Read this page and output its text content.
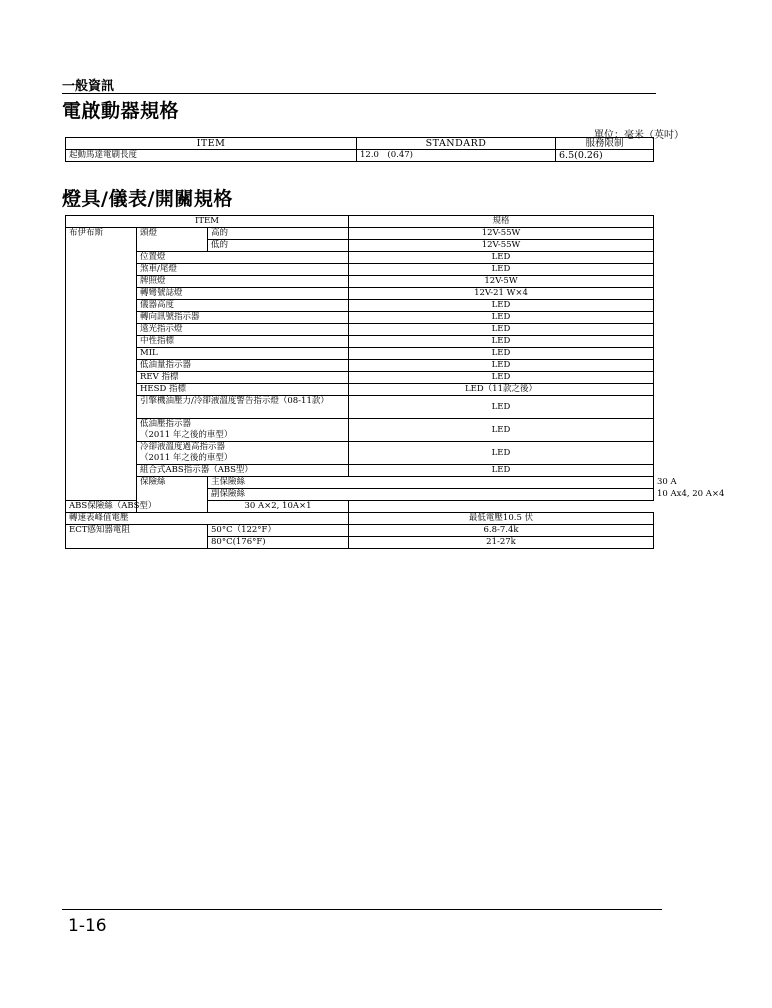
一般資訊
電啟動器規格
單位：毫米（英吋）
ITEM	STANDARD	服務限制
起動馬達電刷長度	12.0　(0.47)	6.5(0.26)
燈具/儀表/開關規格
ITEM			規格	
布伊布斯	頭燈	高的	12V-55W	
		低的	12V-55W	
	位置燈		LED	
	煞車/尾燈		LED	
	牌照燈		12V-5W	
	轉彎號誌燈		12V-21 W×4	
	儀器高度		LED	
	轉向訊號指示器		LED	
	遠光指示燈		LED	
	中性指標		LED	
	MIL		LED	
	低油量指示器		LED	
	REV 指標		LED	
	HESD 指標		LED（11款之後）	

	引擎機油壓力/冷卻液溫度警告指示燈（08-11款）		LED	

	低油壓指示器
（2011 年之後的車型）		LED	

	冷卻液溫度過高指示器
（2011 年之後的車型）		LED	
	組合式ABS指示器（ABS型）		LED	
	保險絲	主保險絲		30 A
		副保險絲		10 Ax4, 20 A×4
ABS保險絲（ABS型）		30 A×2, 10A×1		
轉速表峰值電壓			最低電壓10.5 伏	
ECT感知器電阻		50°C（122°F）	6.8-7.4k	
		80°C(176°F)	21-27k	
1-16
